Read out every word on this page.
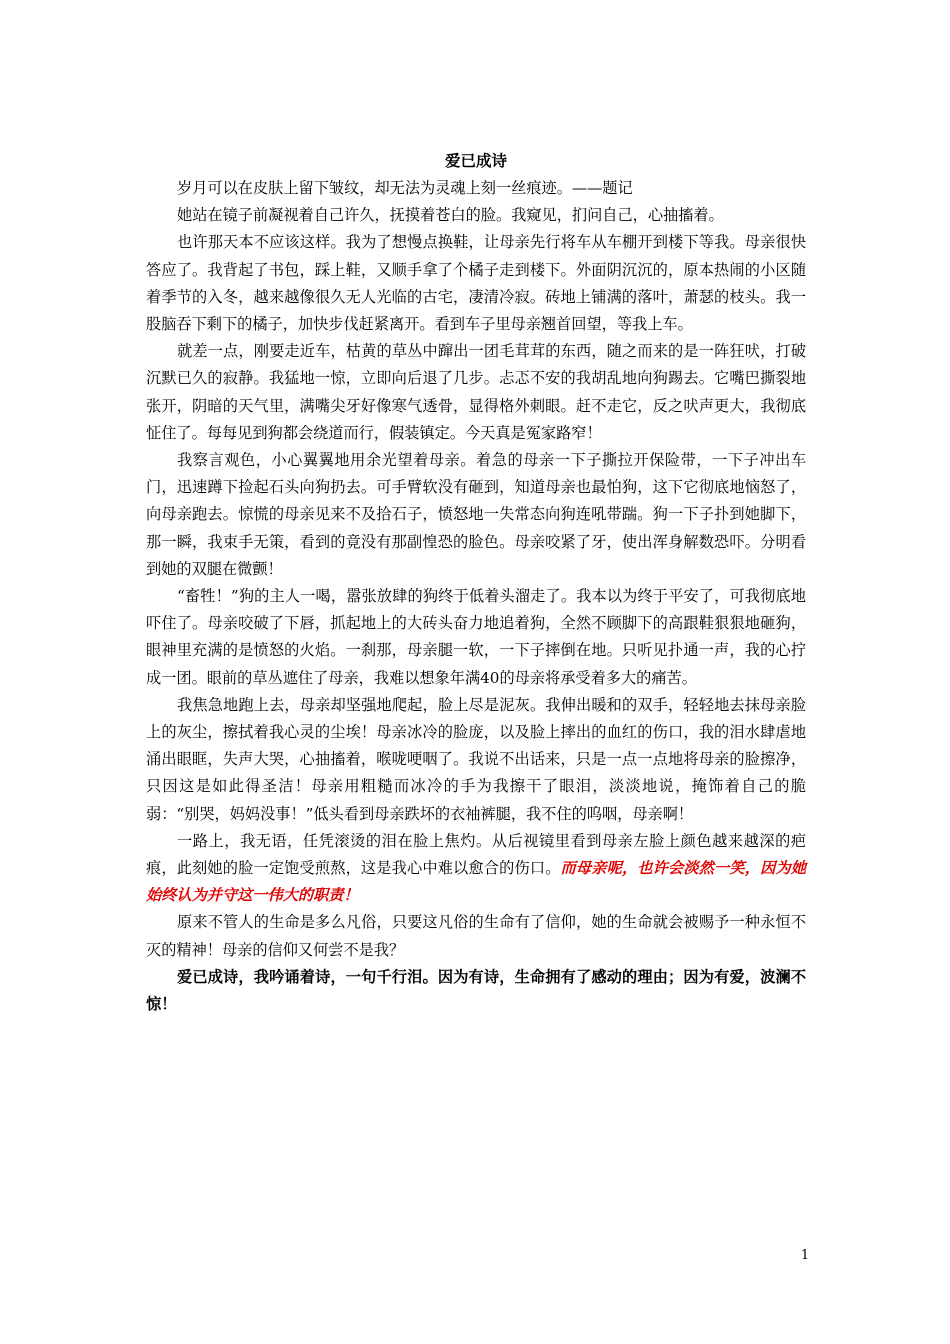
爱已成诗

岁月可以在皮肤上留下皱纹，却无法为灵魂上刻一丝痕迹。——题记

她站在镜子前凝视着自己许久，抚摸着苍白的脸。我窥见，扪问自己，心抽搐着。

也许那天本不应该这样。我为了想慢点换鞋，让母亲先行将车从车棚开到楼下等我。母亲很快答应了。我背起了书包，踩上鞋，又顺手拿了个橘子走到楼下。外面阴沉沉的，原本热闹的小区随着季节的入冬，越来越像很久无人光临的古宅，凄清冷寂。砖地上铺满的落叶，萧瑟的枝头。我一股脑吞下剩下的橘子，加快步伐赶紧离开。看到车子里母亲翘首回望，等我上车。

就差一点，刚要走近车，枯黄的草丛中蹿出一团毛茸茸的东西，随之而来的是一阵狂吠，打破沉默已久的寂静。我猛地一惊，立即向后退了几步。忐忑不安的我胡乱地向狗踢去。它嘴巴撕裂地张开，阴暗的天气里，满嘴尖牙好像寒气透骨，显得格外刺眼。赶不走它，反之吠声更大，我彻底怔住了。每每见到狗都会绕道而行，假装镇定。今天真是冤家路窄！

我察言观色，小心翼翼地用余光望着母亲。着急的母亲一下子撕拉开保险带，一下子冲出车门，迅速蹲下捡起石头向狗扔去。可手臂软没有砸到，知道母亲也最怕狗，这下它彻底地恼怒了，向母亲跑去。惊慌的母亲见来不及拾石子，愤怒地一失常态向狗连吼带踹。狗一下子扑到她脚下，那一瞬，我束手无策，看到的竟没有那副惶恐的脸色。母亲咬紧了牙，使出浑身解数恐吓。分明看到她的双腿在微颤！

“畜牲！”狗的主人一喝，嚣张放肆的狗终于低着头溜走了。我本以为终于平安了，可我彻底地吓住了。母亲咬破了下唇，抓起地上的大砖头奋力地追着狗，全然不顾脚下的高跟鞋狠狠地砸狗，眼神里充满的是愤怒的火焰。一刹那，母亲腿一软，一下子摔倒在地。只听见扑通一声，我的心拧成一团。眼前的草丛遮住了母亲，我难以想象年满40的母亲将承受着多大的痛苦。

我焦急地跑上去，母亲却坚强地爬起，脸上尽是泥灰。我伸出暖和的双手，轻轻地去抹母亲脸上的灰尘，擦拭着我心灵的尘埃！母亲冰冷的脸庞，以及脸上摔出的血红的伤口，我的泪水肆虐地涌出眼眶，失声大哭，心抽搐着，喉咙哽咽了。我说不出话来，只是一点一点地将母亲的脸擦净，只因这是如此得圣洁！母亲用粗糙而冰冷的手为我擦干了眼泪，淡淡地说，掩饰着自己的脆弱：“别哭，妈妈没事！”低头看到母亲跌坏的衣袖裤腿，我不住的呜咽，母亲啊！

一路上，我无语，任凭滚烫的泪在脸上焦灼。从后视镜里看到母亲左脸上颜色越来越深的疤痕，此刻她的脸一定饱受煎熬，这是我心中难以愈合的伤口。而母亲呢，也许会淡然一笑，因为她始终认为并守这一伟大的职责！

原来不管人的生命是多么凡俗，只要这凡俗的生命有了信仰，她的生命就会被赐予一种永恒不灭的精神！母亲的信仰又何尝不是我？

爱已成诗，我吟诵着诗，一句千行泪。因为有诗，生命拥有了感动的理由；因为有爱，波澜不惊！

1
